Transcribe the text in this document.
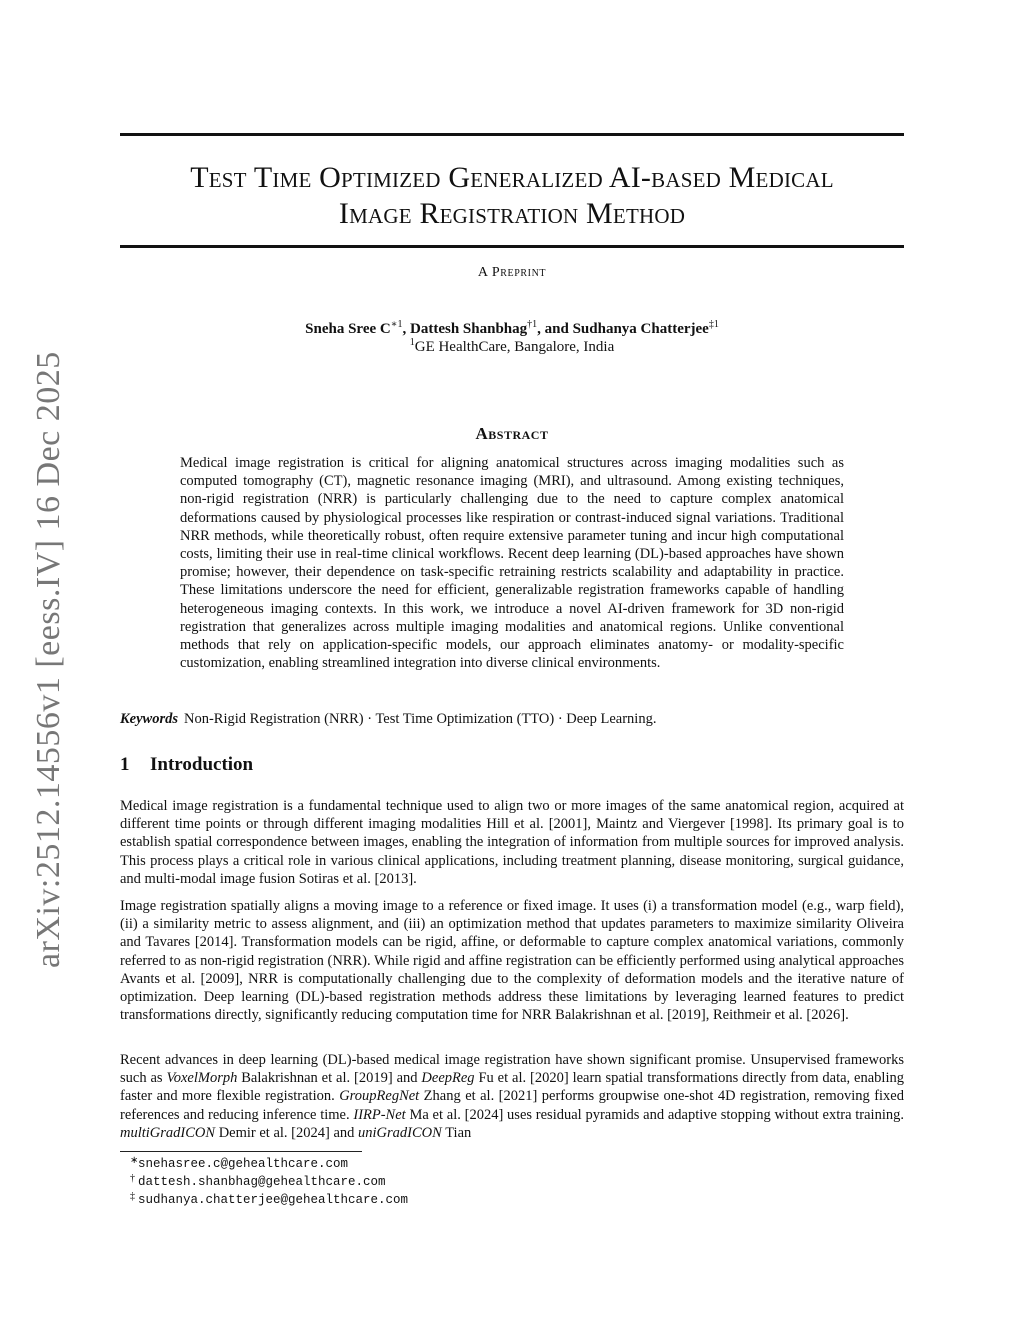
arXiv:2512.14556v1 [eess.IV] 16 Dec 2025
Test Time Optimized Generalized AI-based Medical
Image Registration Method
A Preprint
Sneha Sree $C^{∗1}$, Dattesh Shanbhag$^{\dagger 1}$, and Sudhanya Chatterjee$^{\ddagger 1}$
$^1$GE HealthCare, Bangalore, India
Abstract

Medical image registration is critical for aligning anatomical structures across imaging modalities such as computed tomography (CT), magnetic resonance imaging (MRI), and ultrasound. Among existing techniques, non-rigid registration (NRR) is particularly challenging due to the need to capture complex anatomical deformations caused by physiological processes like respiration or contrast-induced signal variations. Traditional NRR methods, while theoretically robust, often require extensive parameter tuning and incur high computational costs, limiting their use in real-time clinical workflows. Recent deep learning (DL)-based approaches have shown promise; however, their dependence on task-specific retraining restricts scalability and adaptability in practice. These limitations underscore the need for efficient, generalizable registration frameworks capable of handling heterogeneous imaging contexts. In this work, we introduce a novel AI-driven framework for 3D non-rigid registration that generalizes across multiple imaging modalities and anatomical regions. Unlike conventional methods that rely on application-specific models, our approach eliminates anatomy- or modality-specific customization, enabling streamlined integration into diverse clinical environments.

Keywords Non-Rigid Registration (NRR) · Test Time Optimization (TTO) · Deep Learning.
1 Introduction

Medical image registration is a fundamental technique used to align two or more images of the same anatomical region, acquired at different time points or through different imaging modalities Hill et al. [2001], Maintz and Viergever [1998]. Its primary goal is to establish spatial correspondence between images, enabling the integration of information from multiple sources for improved analysis. This process plays a critical role in various clinical applications, including treatment planning, disease monitoring, surgical guidance, and multi-modal image fusion Sotiras et al. [2013].

Image registration spatially aligns a moving image to a reference or fixed image. It uses (i) a transformation model (e.g., warp field), (ii) a similarity metric to assess alignment, and (iii) an optimization method that updates parameters to maximize similarity Oliveira and Tavares [2014]. Transformation models can be rigid, affine, or deformable to capture complex anatomical variations, commonly referred to as non-rigid registration (NRR). While rigid and affine registration can be efficiently performed using analytical approaches Avants et al. [2009], NRR is computationally challenging due to the complexity of deformation models and the iterative nature of optimization. Deep learning (DL)-based registration methods address these limitations by leveraging learned features to predict transformations directly, significantly reducing computation time for NRR Balakrishnan et al. [2019], Reithmeir et al. [2026].

Recent advances in deep learning (DL)-based medical image registration have shown significant promise. Unsupervised frameworks such as VoxelMorph Balakrishnan et al. [2019] and DeepReg Fu et al. [2020] learn spatial transformations directly from data, enabling faster and more flexible registration. GroupRegNet Zhang et al. [2021] performs groupwise one-shot 4D registration, removing fixed references and reducing inference time. IIRP-Net Ma et al. [2024] uses residual pyramids and adaptive stopping without extra training. multiGradICON Demir et al. [2024] and uniGradICON Tian

∗ snehasree.c@gehealthcare.com
† dattesh.shanbhag@gehealthcare.com
‡ sudhanya.chatterjee@gehealthcare.com
